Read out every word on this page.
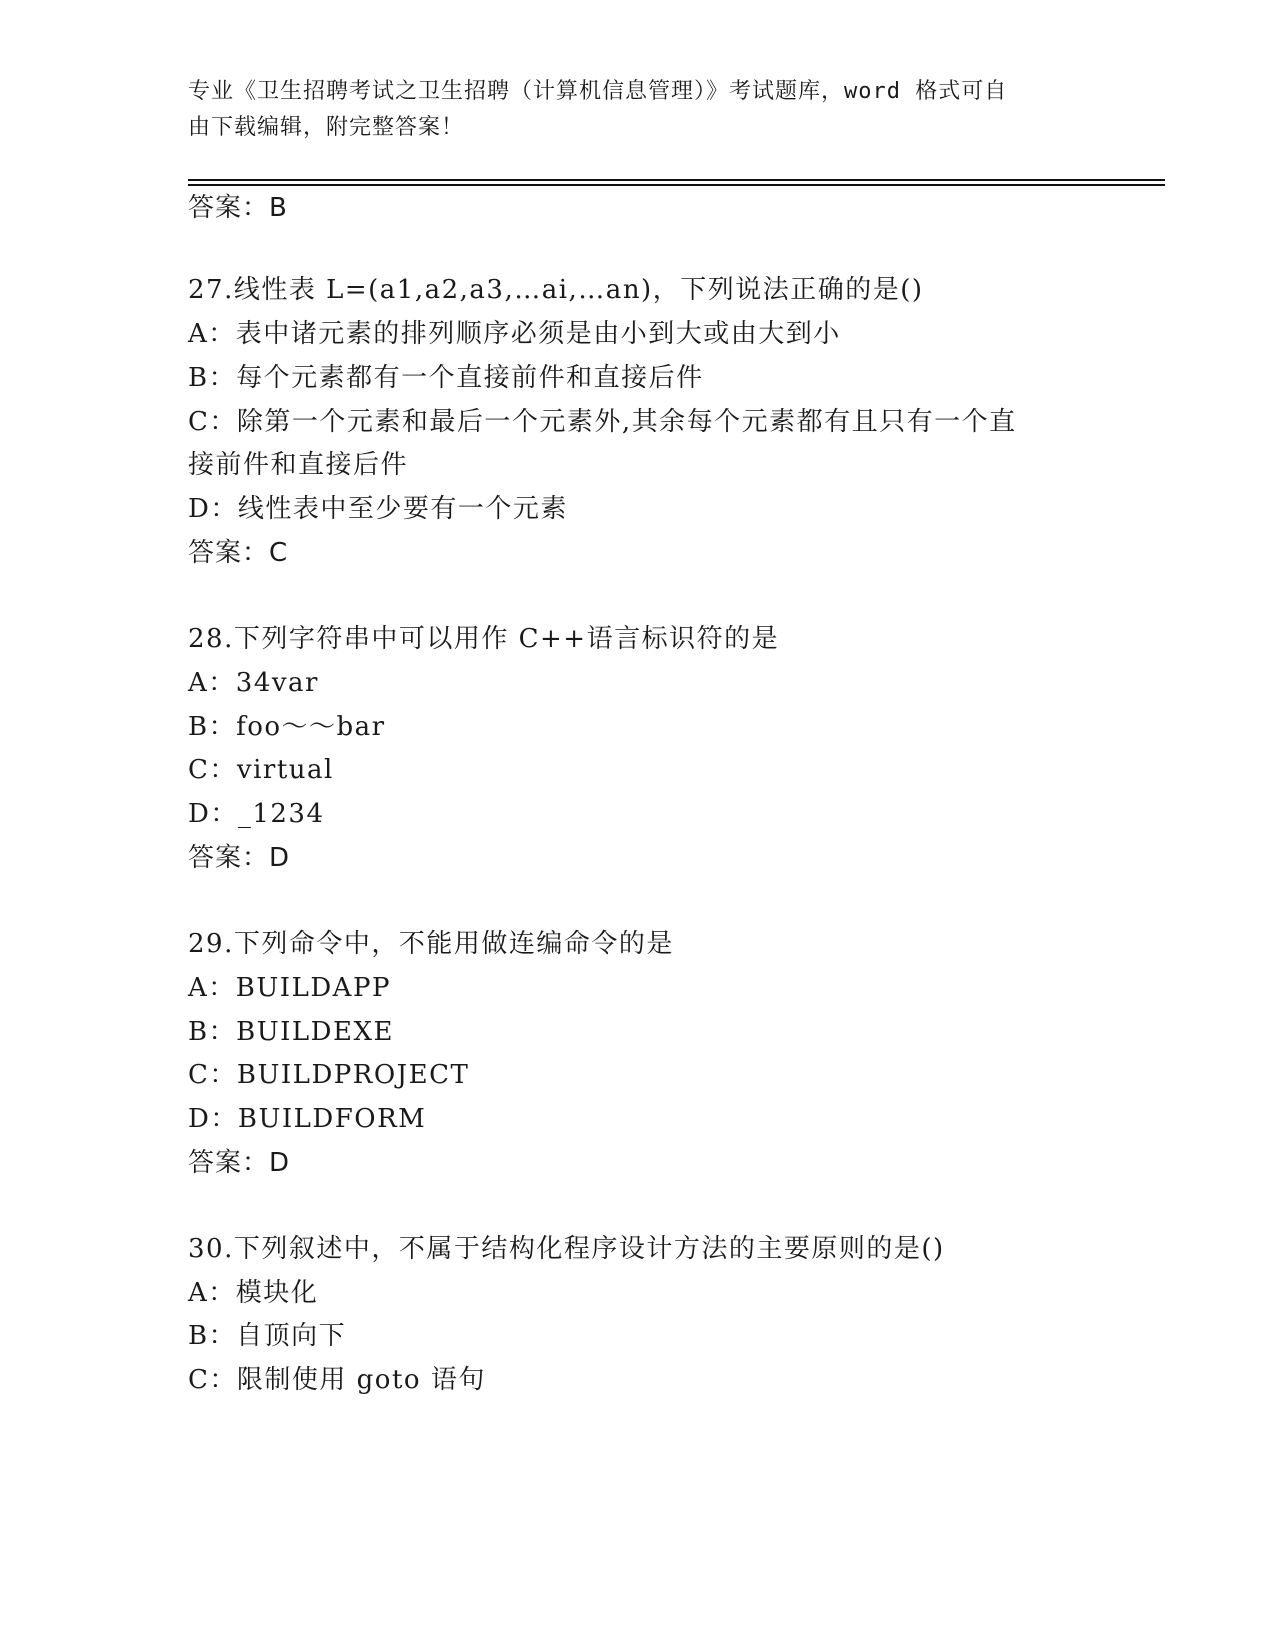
专业《卫生招聘考试之卫生招聘（计算机信息管理）》考试题库，word 格式可自
由下载编辑，附完整答案！
答案：B
27.线性表 L=(a1,a2,a3,…ai,…an)，下列说法正确的是()
A：表中诸元素的排列顺序必须是由小到大或由大到小
B：每个元素都有一个直接前件和直接后件
C：除第一个元素和最后一个元素外,其余每个元素都有且只有一个直
接前件和直接后件
D：线性表中至少要有一个元素
答案：C
28.下列字符串中可以用作 C++语言标识符的是
A：34var
B：foo～～bar
C：virtual
D：_1234
答案：D
29.下列命令中，不能用做连编命令的是
A：BUILDAPP
B：BUILDEXE
C：BUILDPROJECT
D：BUILDFORM
答案：D
30.下列叙述中，不属于结构化程序设计方法的主要原则的是()
A：模块化
B：自顶向下
C：限制使用 goto 语句
